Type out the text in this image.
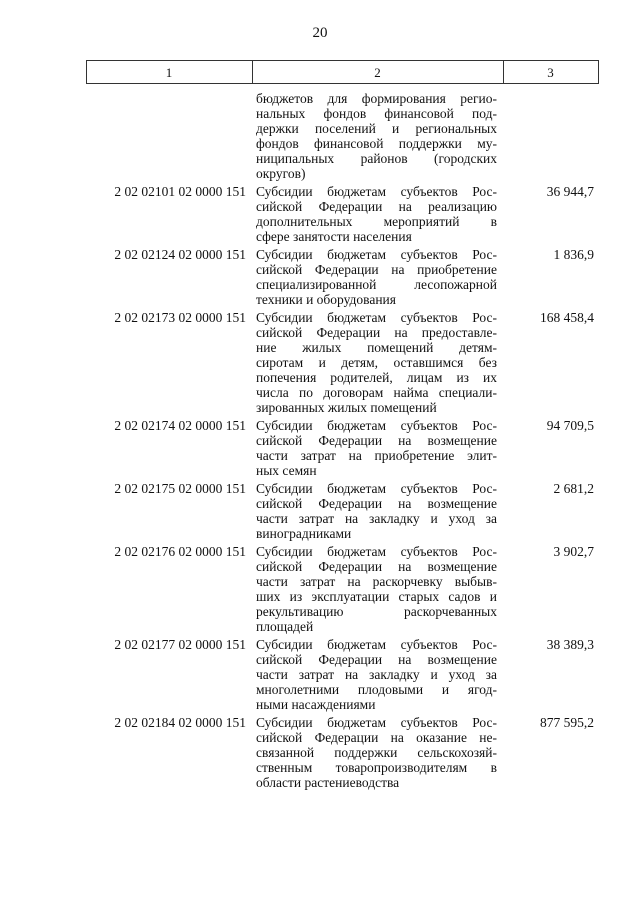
20
1	2	3
бюджетов для формирования регио-
нальных фондов финансовой под-
держки поселений и региональных
фондов финансовой поддержки му-
ниципальных районов (городских
округов)
2 02 02101 02 0000 151 Субсидии бюджетам субъектов Рос-
сийской Федерации на реализацию
дополнительных мероприятий в
сфере занятости населения
36 944,7
2 02 02124 02 0000 151 Субсидии бюджетам субъектов Рос-
сийской Федерации на приобретение
специализированной лесопожарной
техники и оборудования
1 836,9
2 02 02173 02 0000 151 Субсидии бюджетам субъектов Рос-
сийской Федерации на предоставле-
ние жилых помещений детям-
сиротам и детям, оставшимся без
попечения родителей, лицам из их
числа по договорам найма специали-
зированных жилых помещений
168 458,4
2 02 02174 02 0000 151 Субсидии бюджетам субъектов Рос-
сийской Федерации на возмещение
части затрат на приобретение элит-
ных семян
94 709,5
2 02 02175 02 0000 151 Субсидии бюджетам субъектов Рос-
сийской Федерации на возмещение
части затрат на закладку и уход за
виноградниками
2 681,2
2 02 02176 02 0000 151 Субсидии бюджетам субъектов Рос-
сийской Федерации на возмещение
части затрат на раскорчевку выбыв-
ших из эксплуатации старых садов и
рекультивацию раскорчеванных
площадей
3 902,7
2 02 02177 02 0000 151 Субсидии бюджетам субъектов Рос-
сийской Федерации на возмещение
части затрат на закладку и уход за
многолетними плодовыми и ягод-
ными насаждениями
38 389,3
2 02 02184 02 0000 151 Субсидии бюджетам субъектов Рос-
сийской Федерации на оказание не-
связанной поддержки сельскохозяй-
ственным товаропроизводителям в
области растениеводства
877 595,2
